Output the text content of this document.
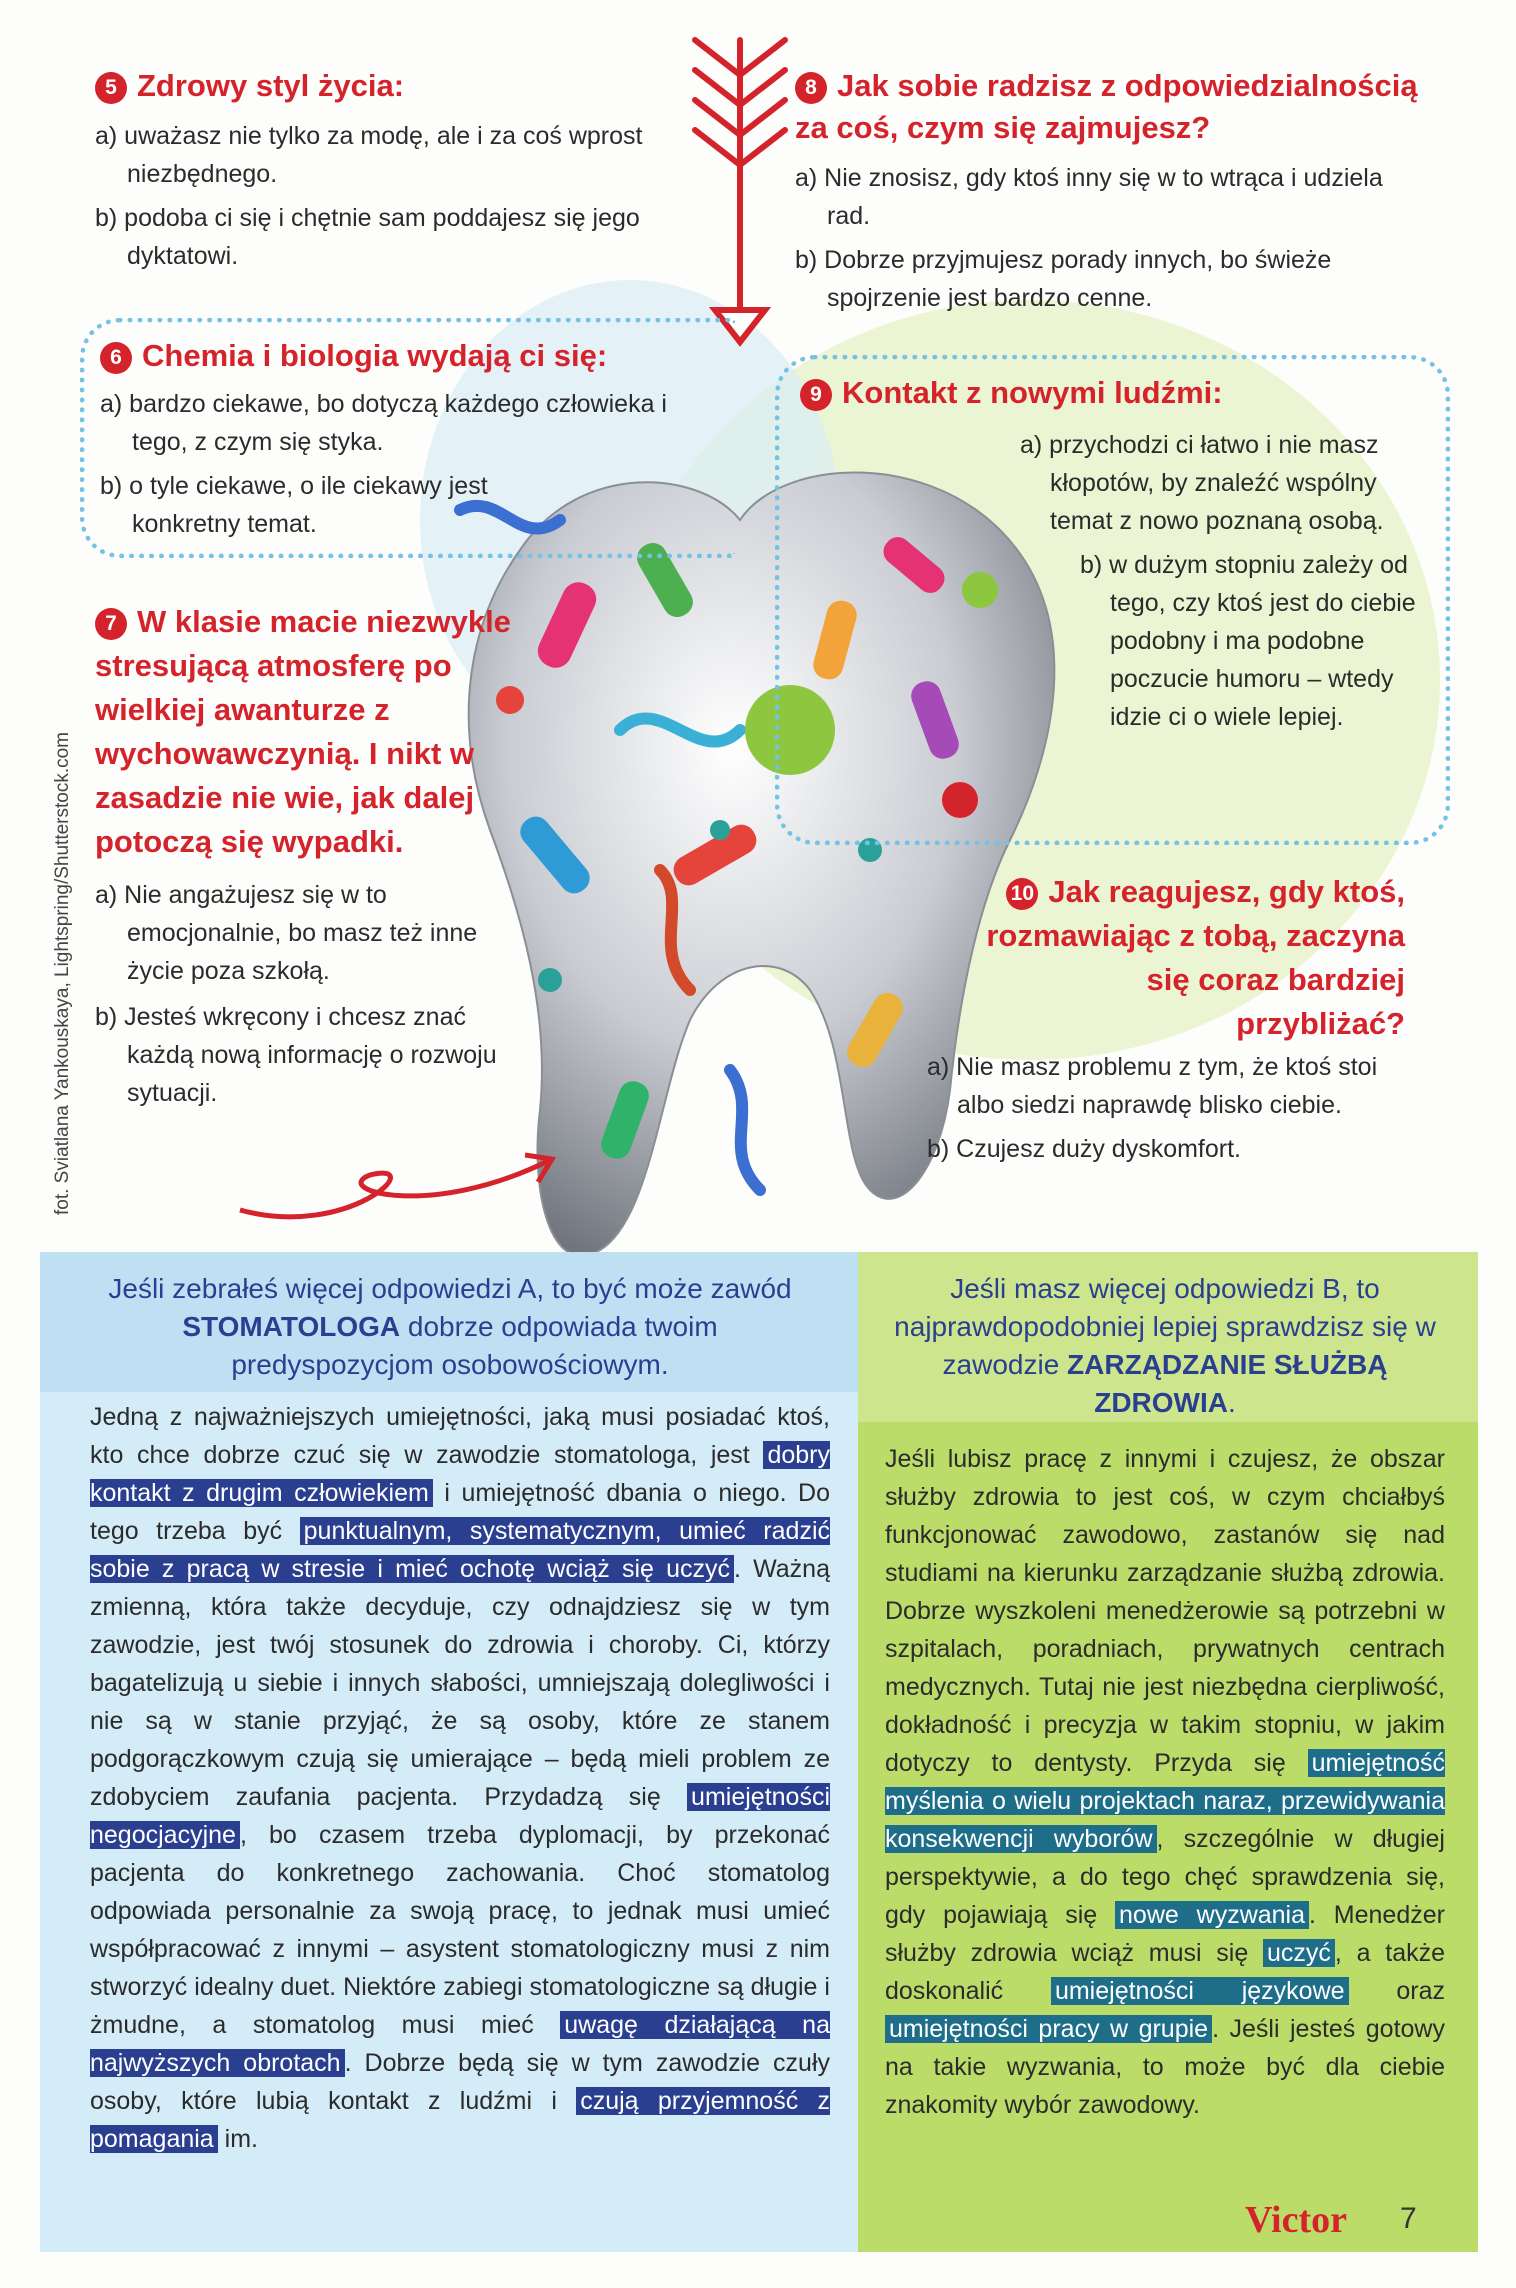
fot. Sviatlana Yankouskaya, Lightspring/Shutterstock.com
5 Zdrowy styl życia:
a) uważasz nie tylko za modę, ale i za coś wprost niezbędnego.
b) podoba ci się i chętnie sam poddajesz się jego dyktatowi.
6 Chemia i biologia wydają ci się:
a) bardzo ciekawe, bo dotyczą każdego człowieka i tego, z czym się styka.
b) o tyle ciekawe, o ile ciekawy jest konkretny temat.
7 W klasie macie niezwykle stresującą atmosferę po wielkiej awanturze z wychowawczynią. I nikt w zasadzie nie wie, jak dalej potoczą się wypadki.
a) Nie angażujesz się w to emocjonalnie, bo masz też inne życie poza szkołą.
b) Jesteś wkręcony i chcesz znać każdą nową informację o rozwoju sytuacji.
8 Jak sobie radzisz z odpowiedzialnością za coś, czym się zajmujesz?
a) Nie znosisz, gdy ktoś inny się w to wtrąca i udziela rad.
b) Dobrze przyjmujesz porady innych, bo świeże spojrzenie jest bardzo cenne.
9 Kontakt z nowymi ludźmi:
a) przychodzi ci łatwo i nie masz kłopotów, by znaleźć wspólny temat z nowo poznaną osobą.
b) w dużym stopniu zależy od tego, czy ktoś jest do ciebie podobny i ma podobne poczucie humoru – wtedy idzie ci o wiele lepiej.
10 Jak reagujesz, gdy ktoś, rozmawiając z tobą, zaczyna się coraz bardziej przybliżać?
a) Nie masz problemu z tym, że ktoś stoi albo siedzi naprawdę blisko ciebie.
b) Czujesz duży dyskomfort.
Jeśli zebrałeś więcej odpowiedzi A, to być może zawód STOMATOLOGA dobrze odpowiada twoim predyspozycjom osobowościowym.
Jedną z najważniejszych umiejętności, jaką musi posiadać ktoś, kto chce dobrze czuć się w zawodzie stomatologa, jest dobry kontakt z drugim człowiekiem i umiejętność dbania o niego. Do tego trzeba być punktualnym, systematycznym, umieć radzić sobie z pracą w stresie i mieć ochotę wciąż się uczyć . Ważną zmienną, która także decyduje, czy odnajdziesz się w tym zawodzie, jest twój stosunek do zdrowia i choroby. Ci, którzy bagatelizują u siebie i innych słabości, umniejszają dolegliwości i nie są w stanie przyjąć, że są osoby, które ze stanem podgorączkowym czują się umierające – będą mieli problem ze zdobyciem zaufania pacjenta. Przydadzą się umiejętności negocjacyjne , bo czasem trzeba dyplomacji, by przekonać pacjenta do konkretnego zachowania. Choć stomatolog odpowiada personalnie za swoją pracę, to jednak musi umieć współpracować z innymi – asystent stomatologiczny musi z nim stworzyć idealny duet. Niektóre zabiegi stomatologiczne są długie i żmudne, a stomatolog musi mieć uwagę działającą na najwyższych obrotach . Dobrze będą się w tym zawodzie czuły osoby, które lubią kontakt z ludźmi i czują przyjemność z pomagania im.
Jeśli masz więcej odpowiedzi B, to najprawdopodobniej lepiej sprawdzisz się w zawodzie ZARZĄDZANIE SŁUŻBĄ ZDROWIA.
Jeśli lubisz pracę z innymi i czujesz, że obszar służby zdrowia to jest coś, w czym chciałbyś funkcjonować zawodowo, zastanów się nad studiami na kierunku zarządzanie służbą zdrowia. Dobrze wyszkoleni menedżerowie są potrzebni w szpitalach, poradniach, prywatnych centrach medycznych. Tutaj nie jest niezbędna cierpliwość, dokładność i precyzja w takim stopniu, w jakim dotyczy to dentysty. Przyda się umiejętność myślenia o wielu projektach naraz, przewidywania konsekwencji wyborów , szczególnie w długiej perspektywie, a do tego chęć sprawdzenia się, gdy pojawiają się nowe wyzwania . Menedżer służby zdrowia wciąż musi się uczyć , a także doskonalić umiejętności językowe oraz umiejętności pracy w grupie . Jeśli jesteś gotowy na takie wyzwania, to może być dla ciebie znakomity wybór zawodowy.
Victor 7
